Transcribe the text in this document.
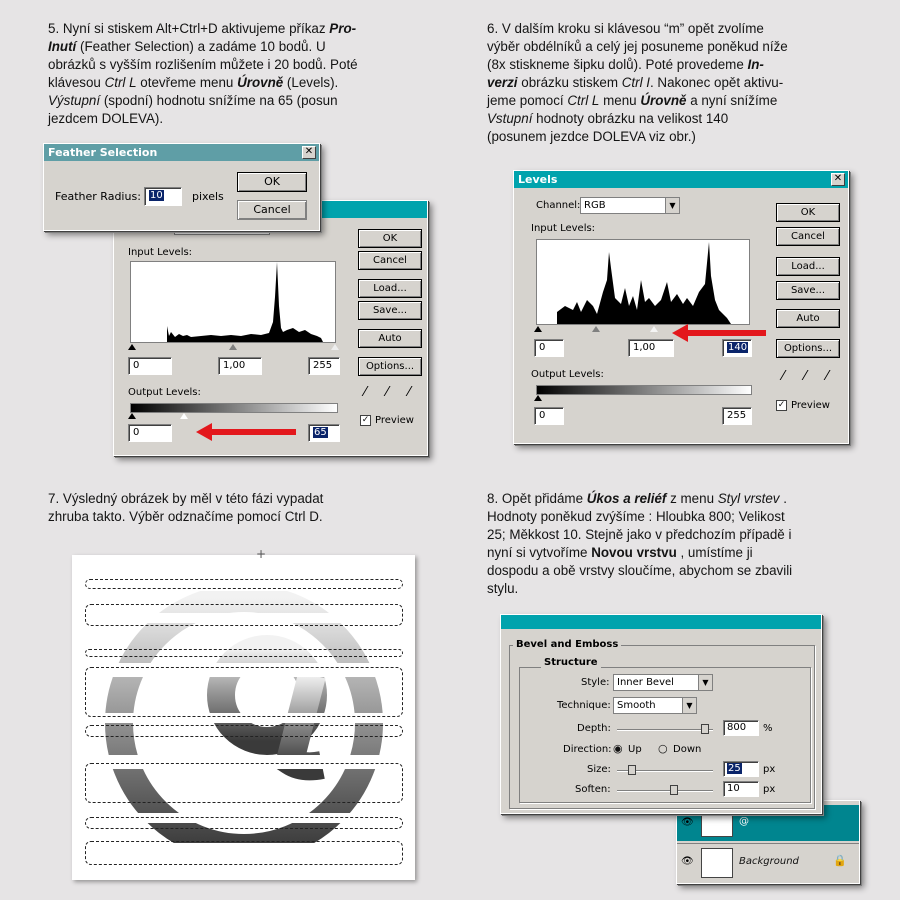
5. Nyní si stiskem Alt+Ctrl+D aktivujeme příkaz Pro-
Inutí (Feather Selection) a zadáme 10 bodů. U
obrázků s vyšším rozlišením můžete i 20 bodů. Poté
klávesou Ctrl L otevřeme menu Úrovně (Levels).
Výstupní (spodní) hodnotu snížíme na 65 (posun
jezdcem DOLEVA).
6. V dalším kroku si klávesou “m” opět zvolíme
výběr obdélníků a celý jej posuneme poněkud níže
(8x stiskneme šipku dolů). Poté provedeme In-
verzi obrázku stiskem Ctrl I. Nakonec opět aktivu-
jeme pomocí Ctrl L menu Úrovně a nyní snížíme
Vstupní hodnoty obrázku na velikost 140
(posunem jezdce DOLEVA viz obr.)
Input Levels:
0	1,00	255
Output Levels:
0	65
OK
Cancel
Load...
Save...
Auto
Options...
⁄ ⁄ ⁄
✓ Preview
Feather Selection	✕
Feather Radius: 10	pixels
OK
Cancel
Levels	✕
Channel: RGB	▼
Input Levels:
0	1,00	140
Output Levels:
0	255
OK
Cancel
Load...
Save...
Auto
Options...
⁄ ⁄ ⁄
✓ Preview
7. Výsledný obrázek by měl v této fázi vypadat
zhruba takto. Výběr odznačíme pomocí Ctrl D.
+
8. Opět přidáme Úkos a reliéf z menu Styl vrstev .
Hodnoty poněkud zvýšíme : Hloubka 800; Velikost
25; Měkkost 10. Stejně jako v předchozím případě i
nyní si vytvoříme Novou vrstvu , umístíme ji
dospodu a obě vrstvy sloučíme, abychom se zbavili
stylu.
👁	@
👁	Background	🔒
Bevel and Emboss
Structure
Style: Inner Bevel	▼
Technique: Smooth	▼
Depth:	800	%
Direction: ◉ Up ○ Down
Size:	25	px
Soften:	10	px
